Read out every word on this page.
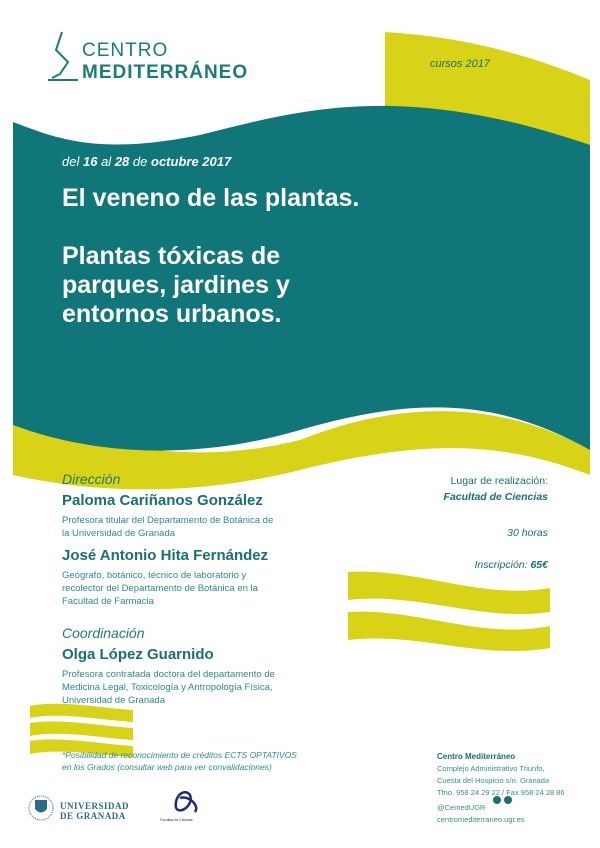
CENTRO
MEDITERRÁNEO	cursos 2017
del 16 al 28 de octubre 2017

El veneno de las plantas.

Plantas tóxicas de parques, jardines y entornos urbanos.

Dirección
Paloma Cariñanos González
Profesora titular del Departamento de Botánica de la Universidad de Granada
José Antonio Hita Fernández
Geógrafo, botánico, técnico de laboratorio y recolector del Departamento de Botánica en la Facultad de Farmacia
Coordinación
Olga López Guarnido
Profesora contratada doctora del departamento de Medicina Legal, Toxicología y Antropología Física, Universidad de Granada
Lugar de realización:
Facultad de Ciencias
30 horas
Inscripción: 65€
*Posibilidad de reconocimiento de créditos ECTS OPTATIVOS
en los Grados (consultar web para ver convalidaciones)
Centro Mediterráneo
Complejo Administrativo Triunfo,
Cuesta del Hospicio s/n. Granada
Tfno. 958 24 29 22 / Fax 958 24 28 86
@CemedUGR
centromediterraneo.ugr.es
UNIVERSIDAD
DE GRANADA	Facultad de Ciencias
